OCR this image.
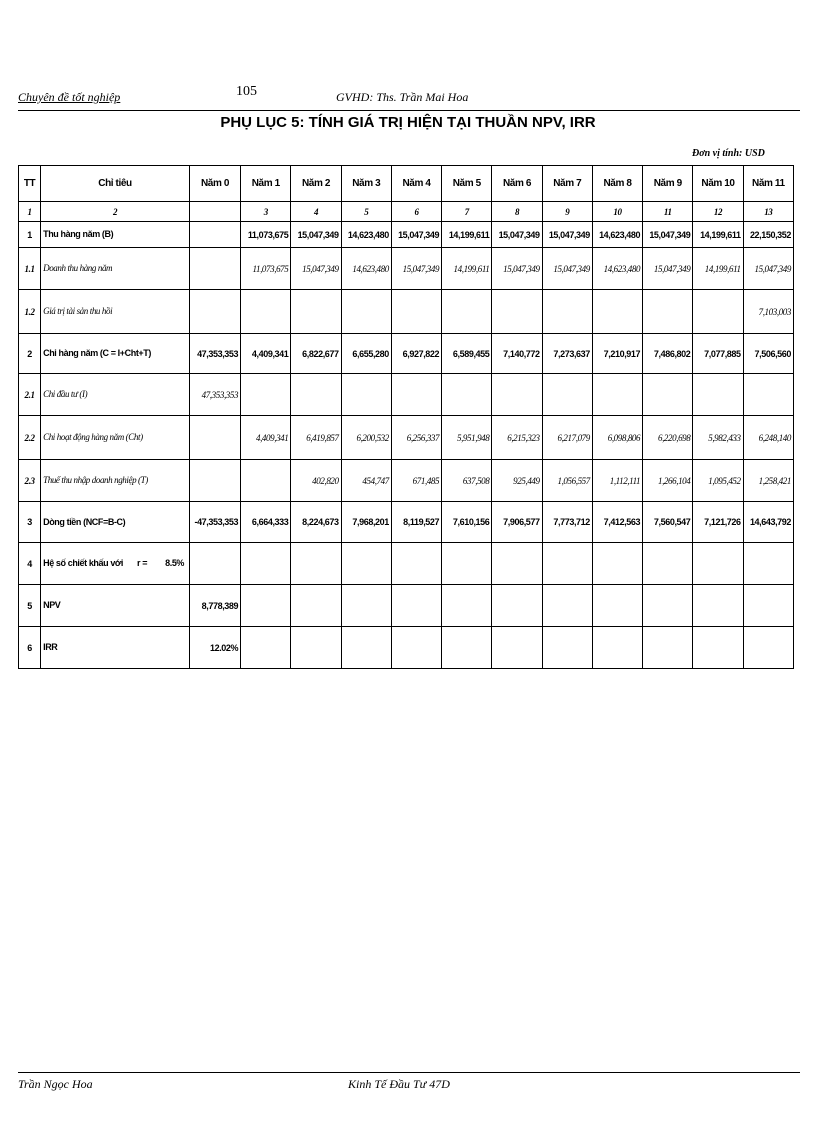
Chuyên đề tốt nghiệp	105	GVHD: Ths. Trần Mai Hoa
PHỤ LỤC 5: TÍNH GIÁ TRỊ HIỆN TẠI THUẦN NPV, IRR
Đơn vị tính: USD
TT	Chỉ tiêu	Năm 0	Năm 1	Năm 2	Năm 3	Năm 4	Năm 5	Năm 6	Năm 7	Năm 8	Năm 9	Năm 10	Năm 11
1	2		3	4	5	6	7	8	9	10	11	12	13
1	Thu hàng năm (B)		11,073,675	15,047,349	14,623,480	15,047,349	14,199,611	15,047,349	15,047,349	14,623,480	15,047,349	14,199,611	22,150,352
1.1	Doanh thu hàng năm		11,073,675	15,047,349	14,623,480	15,047,349	14,199,611	15,047,349	15,047,349	14,623,480	15,047,349	14,199,611	15,047,349
1.2	Giá trị tài sản thu hồi												7,103,003
2	Chi hàng năm (C = I+Cht+T)	47,353,353	4,409,341	6,822,677	6,655,280	6,927,822	6,589,455	7,140,772	7,273,637	7,210,917	7,486,802	7,077,885	7,506,560
2.1	Chi đầu tư (I)	47,353,353											
2.2	Chi hoạt động hàng năm (Cht)		4,409,341	6,419,857	6,200,532	6,256,337	5,951,948	6,215,323	6,217,079	6,098,806	6,220,698	5,982,433	6,248,140
2.3	Thuế thu nhập doanh nghiệp (T)			402,820	454,747	671,485	637,508	925,449	1,056,557	1,112,111	1,266,104	1,095,452	1,258,421
3	Dòng tiền (NCF=B-C)	-47,353,353	6,664,333	8,224,673	7,968,201	8,119,527	7,610,156	7,906,577	7,773,712	7,412,563	7,560,547	7,121,726	14,643,792
4	Hệ số chiết khấu với r = 8.5%												
5	NPV	8,778,389											
6	IRR	12.02%											
Trần Ngọc Hoa	Kinh Tế Đầu Tư 47D
